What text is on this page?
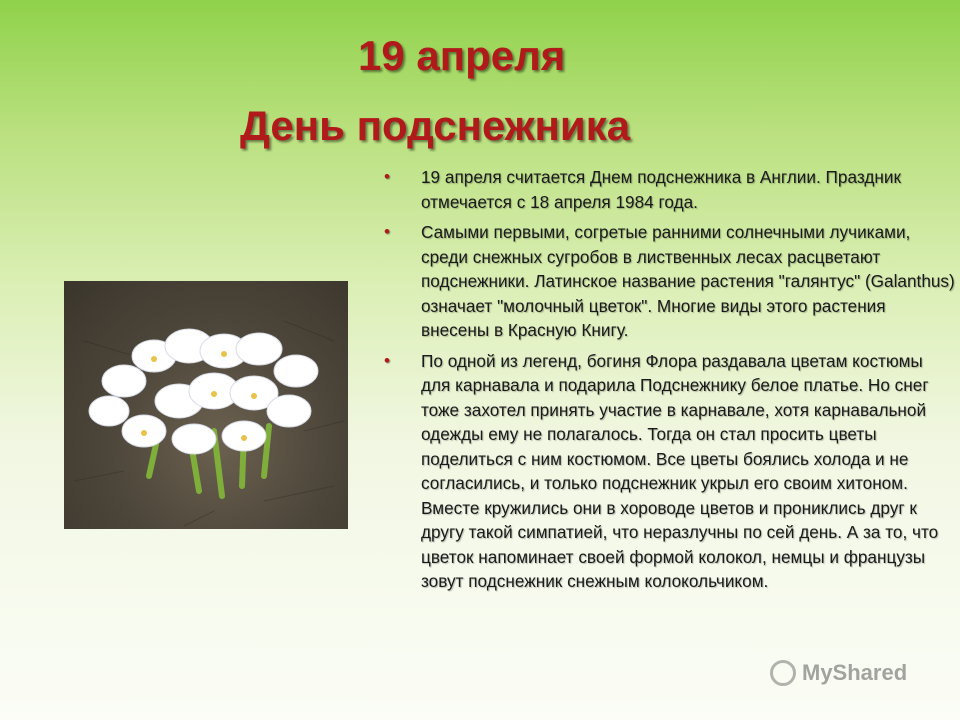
19 апреля
День подснежника
• 19 апреля считается Днем подснежника в Англии. Праздник отмечается с 18 апреля 1984 года.
• Самыми первыми, согретые ранними солнечными лучиками, среди снежных сугробов в лиственных лесах расцветают подснежники. Латинское название растения "галянтус" (Galanthus) означает "молочный цветок". Многие виды этого растения внесены в Красную Книгу.
• По одной из легенд, богиня Флора раздавала цветам костюмы для карнавала и подарила Подснежнику белое платье. Но снег тоже захотел принять участие в карнавале, хотя карнавальной одежды ему не полагалось. Тогда он стал просить цветы поделиться с ним костюмом. Все цветы боялись холода и не согласились, и только подснежник укрыл его своим хитоном. Вместе кружились они в хороводе цветов и прониклись друг к другу такой симпатией, что неразлучны по сей день. А за то, что цветок напоминает своей формой колокол, немцы и французы зовут подснежник снежным колокольчиком.
MyShared
